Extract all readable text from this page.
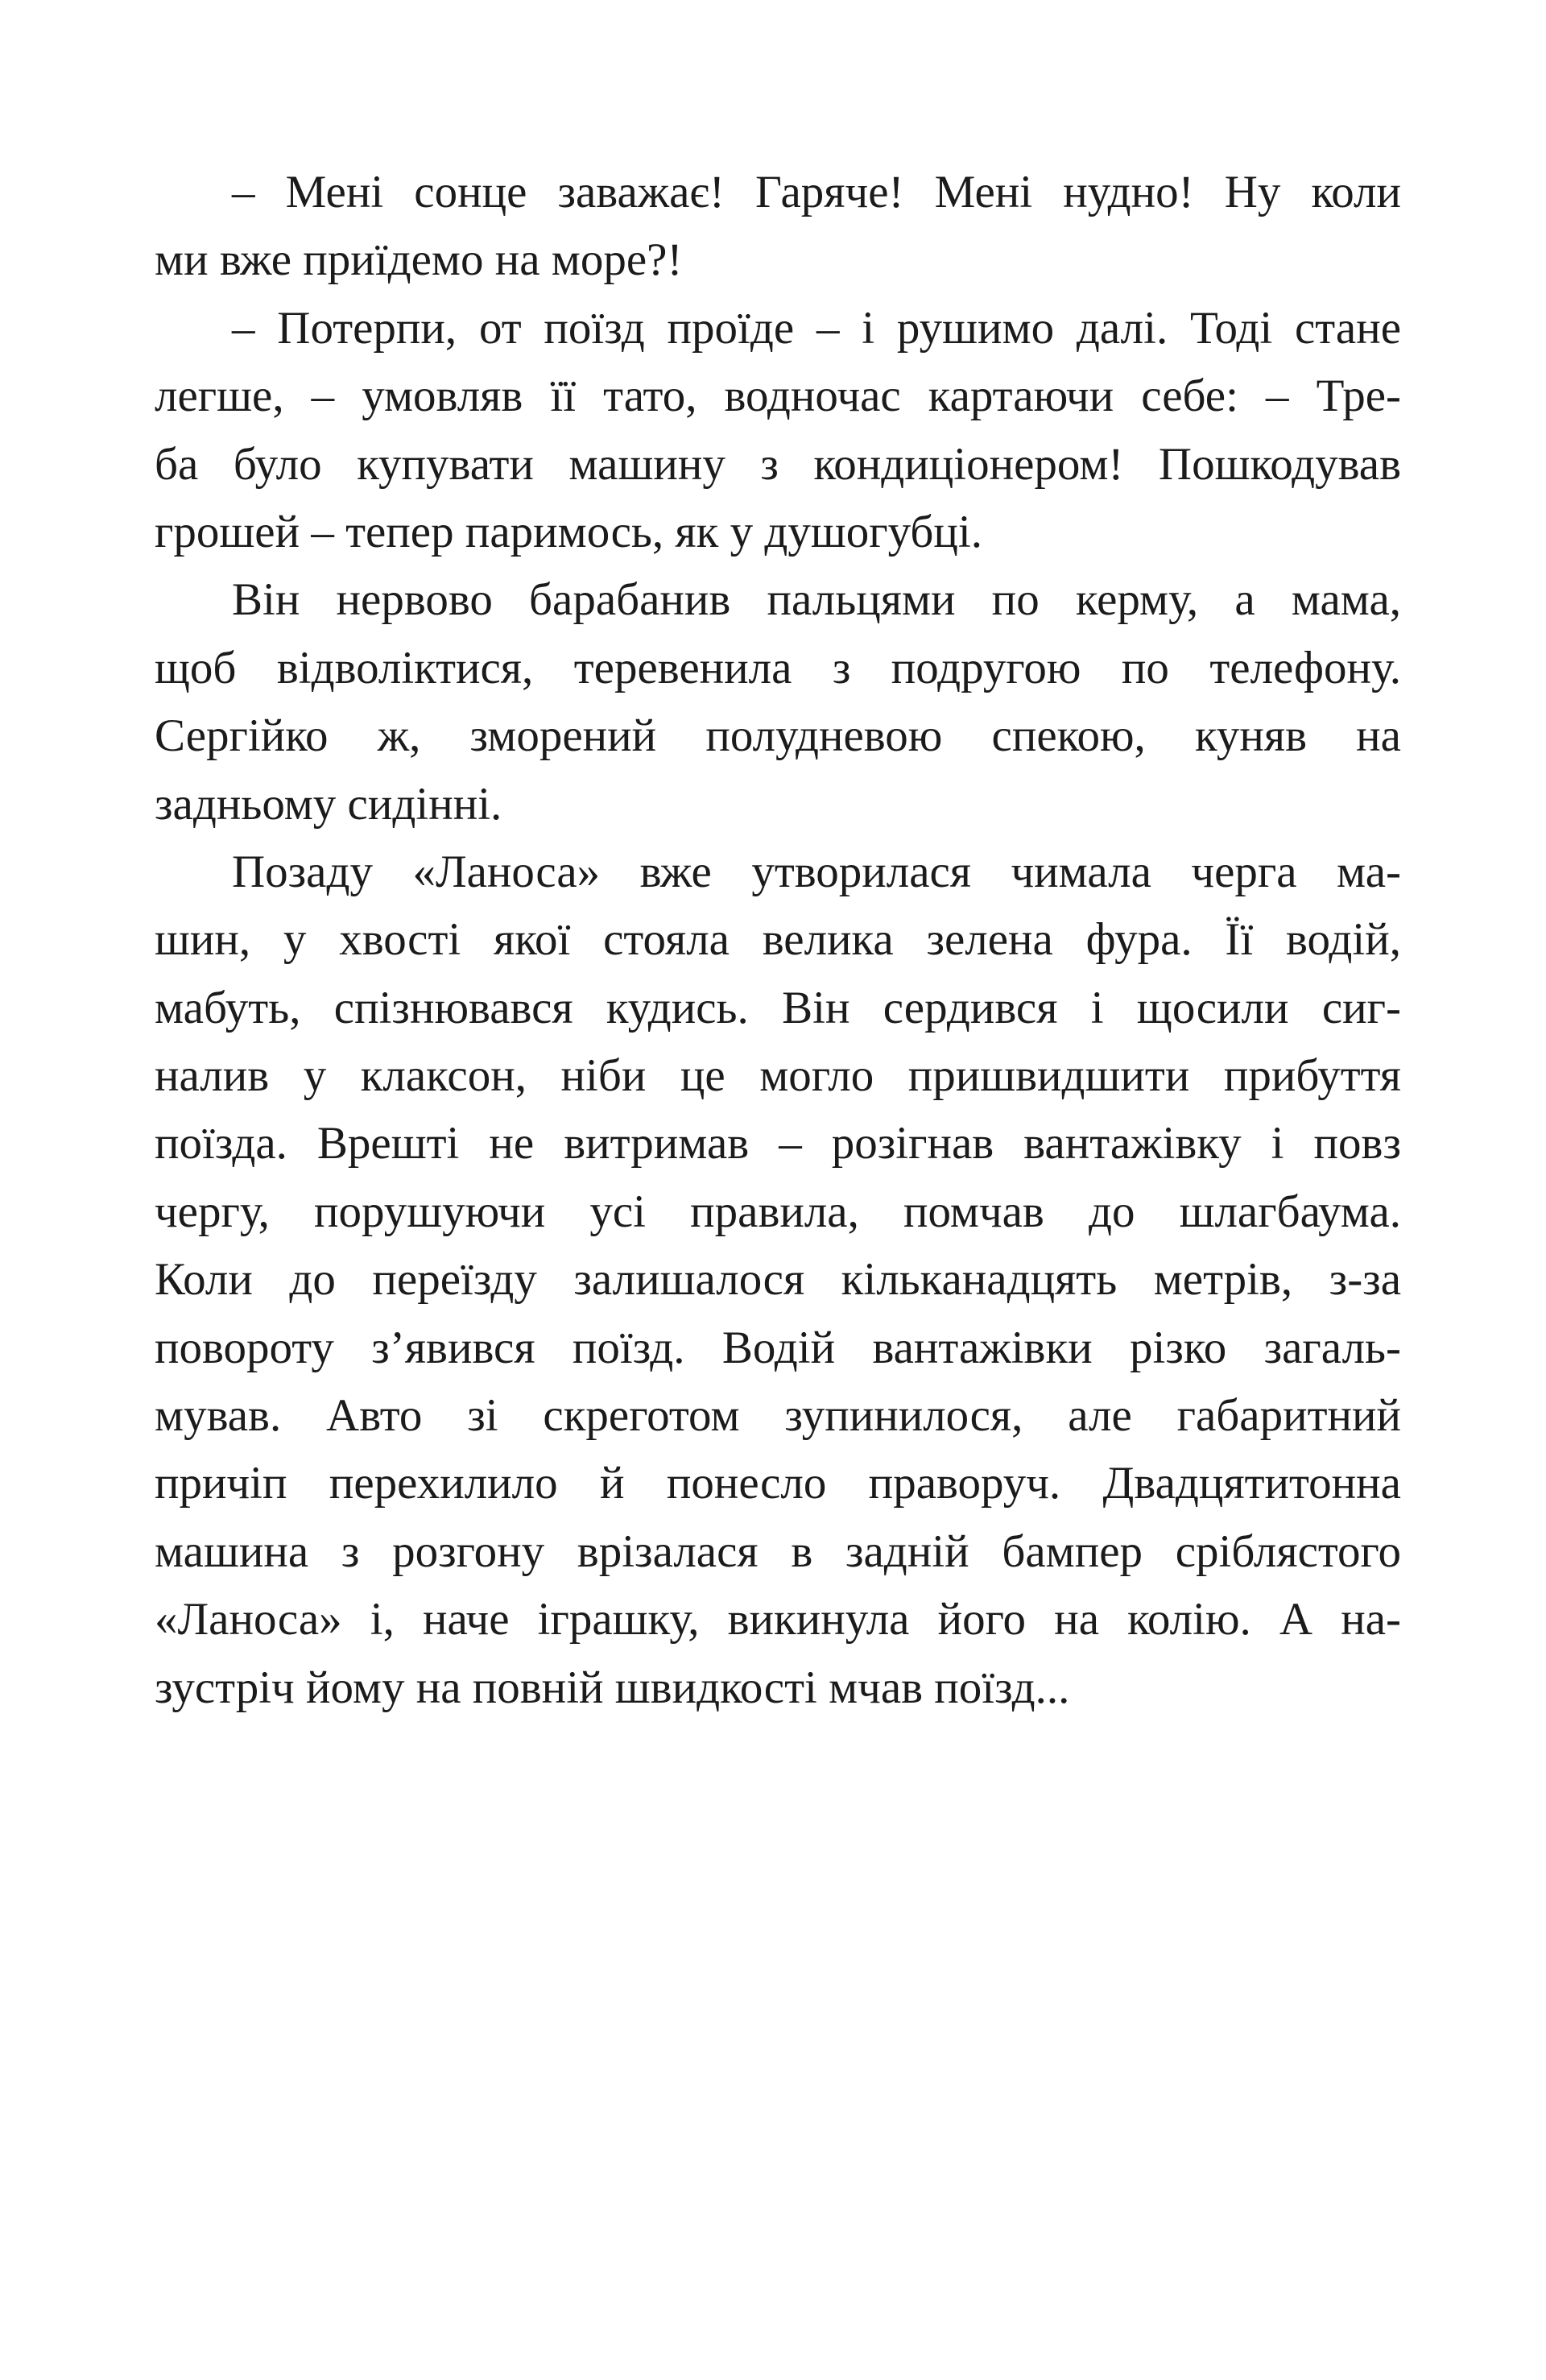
– Мені сонце заважає! Гаряче! Мені нудно! Ну коли
ми вже приїдемо на море?!
– Потерпи, от поїзд проїде – і рушимо далі. Тоді стане
легше, – умовляв її тато, водночас картаючи себе: – Тре-
ба було купувати машину з кондиціонером! Пошкодував
грошей – тепер паримось, як у душогубці.
Він нервово барабанив пальцями по керму, а мама,
щоб відволіктися, теревенила з подругою по телефону.
Сергійко ж, зморений полудневою спекою, куняв на
задньому сидінні.
Позаду «Ланоса» вже утворилася чимала черга ма-
шин, у хвості якої стояла велика зелена фура. Її водій,
мабуть, спізнювався кудись. Він сердився і щосили сиг-
налив у клаксон, ніби це могло пришвидшити прибуття
поїзда. Врешті не витримав – розігнав вантажівку і повз
чергу, порушуючи усі правила, помчав до шлагбаума.
Коли до переїзду залишалося кільканадцять метрів, з-за
повороту з’явився поїзд. Водій вантажівки різко загаль-
мував. Авто зі скреготом зупинилося, але габаритний
причіп перехилило й понесло праворуч. Двадцятитонна
машина з розгону врізалася в задній бампер сріблястого
«Ланоса» і, наче іграшку, викинула його на колію. А на-
зустріч йому на повній швидкості мчав поїзд...
